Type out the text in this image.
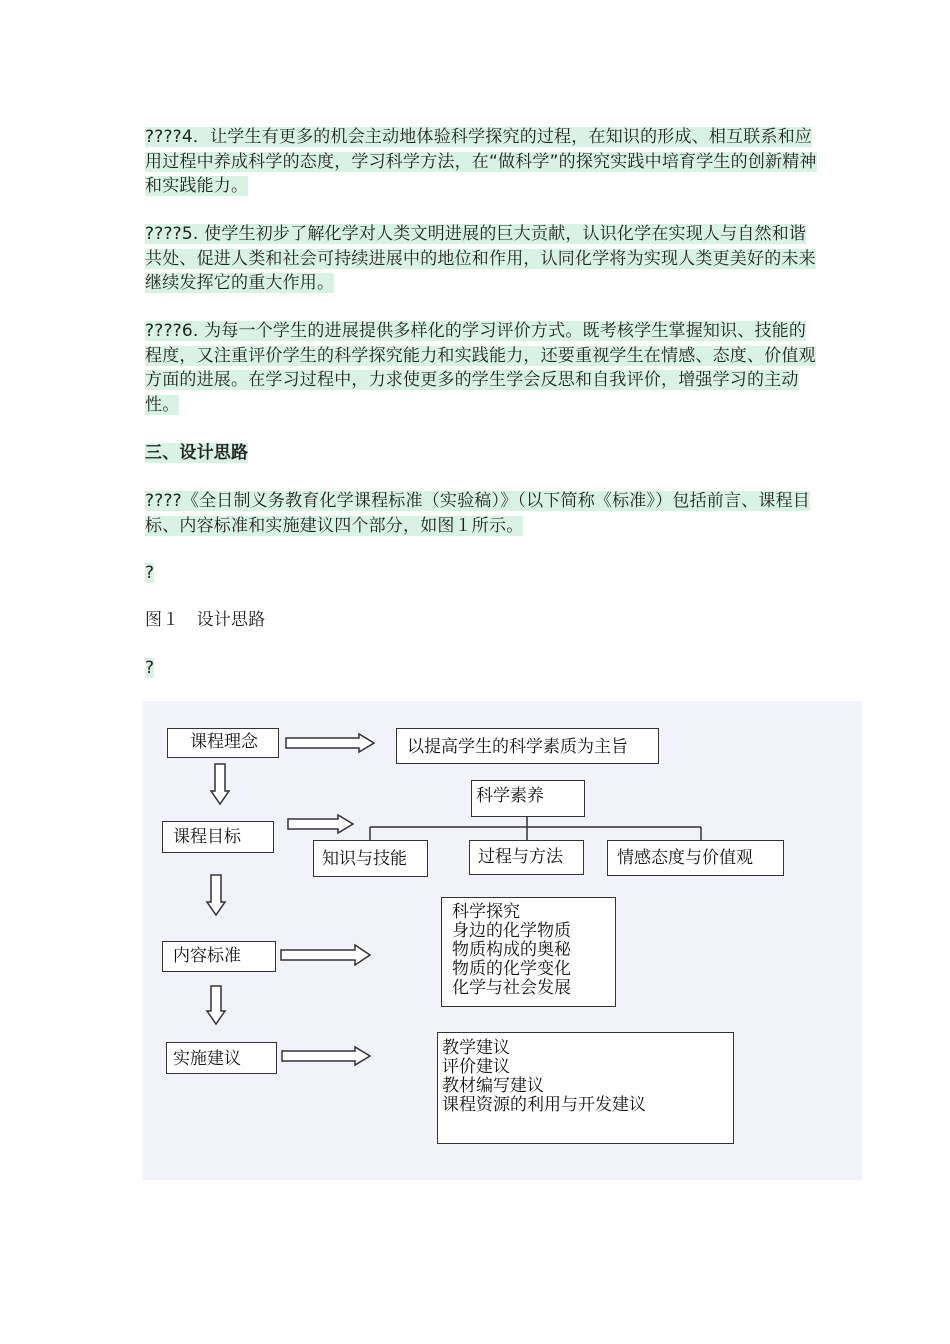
????4．让学生有更多的机会主动地体验科学探究的过程，在知识的形成、相互联系和应用过程中养成科学的态度，学习科学方法，在“做科学”的探究实践中培育学生的创新精神和实践能力。

????5. 使学生初步了解化学对人类文明进展的巨大贡献，认识化学在实现人与自然和谐共处、促进人类和社会可持续进展中的地位和作用，认同化学将为实现人类更美好的未来继续发挥它的重大作用。

????6. 为每一个学生的进展提供多样化的学习评价方式。既考核学生掌握知识、技能的程度，又注重评价学生的科学探究能力和实践能力，还要重视学生在情感、态度、价值观方面的进展。在学习过程中，力求使更多的学生学会反思和自我评价，增强学习的主动性。

三、设计思路

????《全日制义务教育化学课程标准（实验稿）》（以下简称《标准》）包括前言、课程目标、内容标准和实施建议四个部分，如图１所示。

?

图１　设计思路

?

课程理念	以提高学生的科学素质为主旨
科学素养
课程目标
知识与技能	过程与方法	情感态度与价值观
科学探究
身边的化学物质
物质构成的奥秘
物质的化学变化
化学与社会发展
内容标准
实施建议
教学建议
评价建议
教材编写建议
课程资源的利用与开发建议
